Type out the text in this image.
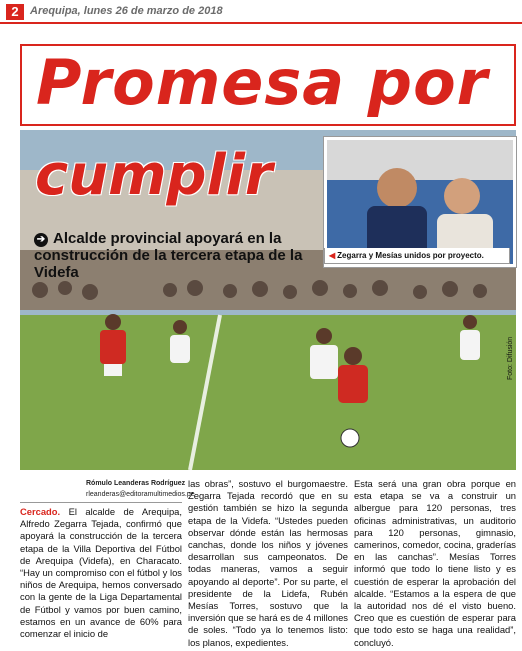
2	Arequipa, lunes 26 de marzo de 2018
Promesa por
cumplir
➔ Alcalde provincial apoyará en la construcción de la tercera etapa de la Videfa
◀ Zegarra y Mesías unidos por proyecto.
Foto: Difusión
Rómulo Leanderas Rodríguez
rleanderas@editoramultimedios.pe

Cercado. El alcalde de Arequipa, Alfredo Zegarra Tejada, confirmó que apoyará la construcción de la tercera etapa de la Villa Deportiva del Fútbol de Arequipa (Videfa), en Characato. “Hay un compromiso con el fútbol y los niños de Arequipa, hemos conversado con la gente de la Liga Departamental de Fútbol y vamos por buen camino, estamos en un avance de 60% para comenzar el inicio de

las obras”, sostuvo el burgomaestre. Zegarra Tejada recordó que en su gestión también se hizo la segunda etapa de la Videfa. “Ustedes pueden observar dónde están las hermosas canchas, donde los niños y jóvenes desarrollan sus campeonatos. De todas maneras, vamos a seguir apoyando al deporte”. Por su parte, el presidente de la Lidefa, Rubén Mesías Torres, sostuvo que la inversión que se hará es de 4 millones de soles. “Todo ya lo tenemos listo: los planos, expedientes.

Esta será una gran obra porque en esta etapa se va a construir un albergue para 120 personas, tres oficinas administrativas, un auditorio para 120 personas, gimnasio, camerinos, comedor, cocina, graderías en las canchas”. Mesías Torres informó que todo lo tiene listo y es cuestión de esperar la aprobación del alcalde. “Estamos a la espera de que la autoridad nos dé el visto bueno. Creo que es cuestión de esperar para que todo esto se haga una realidad”, concluyó.
